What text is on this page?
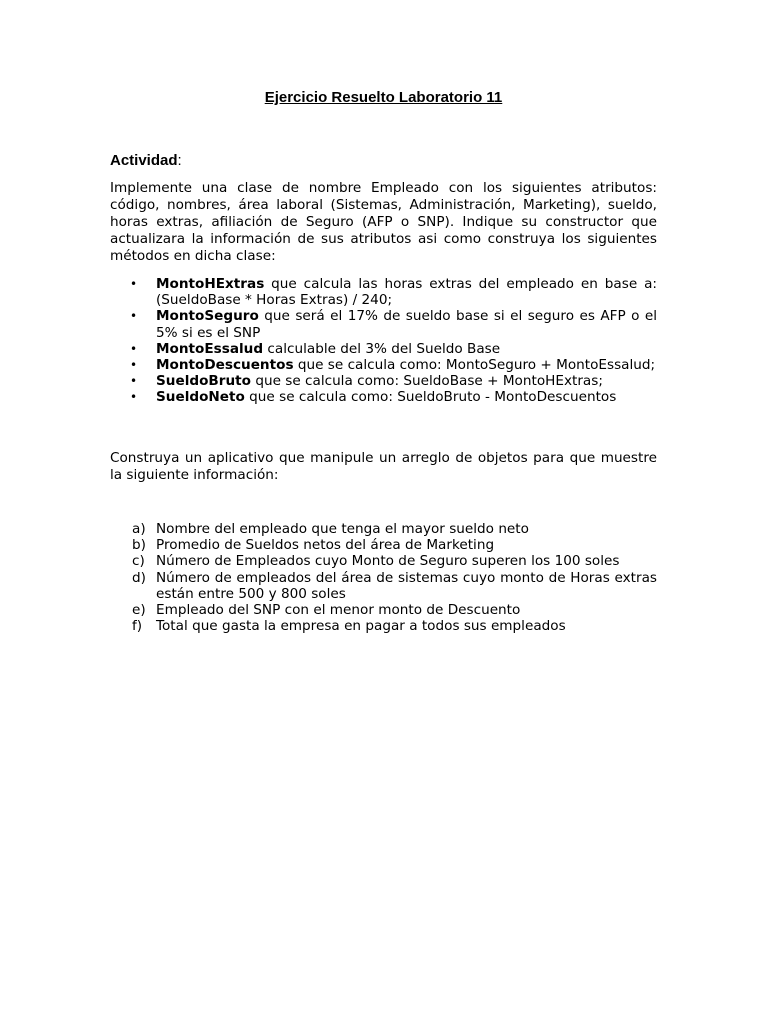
Ejercicio Resuelto Laboratorio 11
Actividad:
Implemente una clase de nombre Empleado con los siguientes atributos: código, nombres, área laboral (Sistemas, Administración, Marketing), sueldo, horas extras, afiliación de Seguro (AFP o SNP). Indique su constructor que actualizara la información de sus atributos asi como construya los siguientes métodos en dicha clase:
• MontoHExtras que calcula las horas extras del empleado en base a: (SueldoBase * Horas Extras) / 240;
• MontoSeguro que será el 17% de sueldo base si el seguro es AFP o el 5% si es el SNP
• MontoEssalud calculable del 3% del Sueldo Base
• MontoDescuentos que se calcula como: MontoSeguro + MontoEssalud;
• SueldoBruto que se calcula como: SueldoBase + MontoHExtras;
• SueldoNeto que se calcula como: SueldoBruto - MontoDescuentos
Construya un aplicativo que manipule un arreglo de objetos para que muestre la siguiente información:
a) Nombre del empleado que tenga el mayor sueldo neto
b) Promedio de Sueldos netos del área de Marketing
c) Número de Empleados cuyo Monto de Seguro superen los 100 soles
d) Número de empleados del área de sistemas cuyo monto de Horas extras están entre 500 y 800 soles
e) Empleado del SNP con el menor monto de Descuento
f) Total que gasta la empresa en pagar a todos sus empleados
